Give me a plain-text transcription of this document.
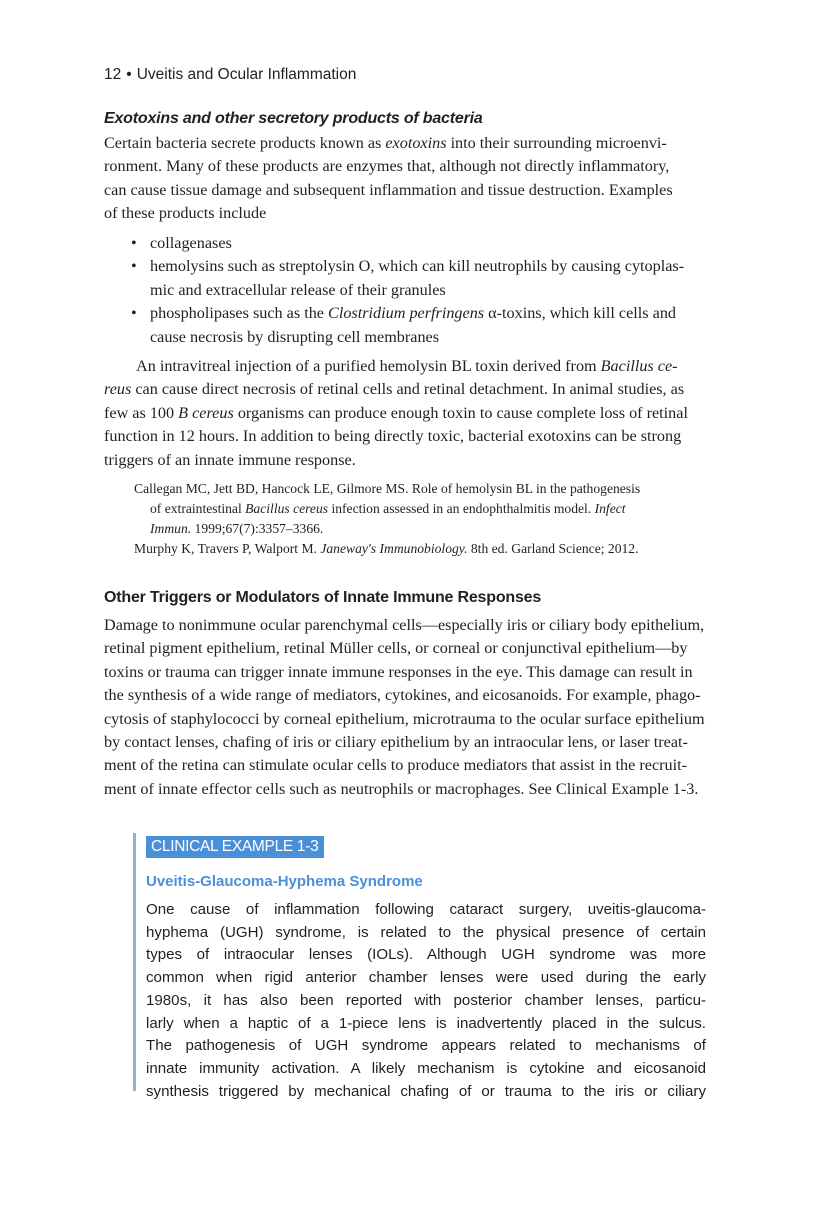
12 • Uveitis and Ocular Inflammation
Exotoxins and other secretory products of bacteria
Certain bacteria secrete products known as exotoxins into their surrounding microenvi-
ronment. Many of these products are enzymes that, although not directly inflammatory,
can cause tissue damage and subsequent inflammation and tissue destruction. Examples
of these products include
• collagenases
• hemolysins such as streptolysin O, which can kill neutrophils by causing cytoplas-
mic and extracellular release of their granules
• phospholipases such as the Clostridium perfringens α-toxins, which kill cells and
cause necrosis by disrupting cell membranes
An intravitreal injection of a purified hemolysin BL toxin derived from Bacillus ce-
reus can cause direct necrosis of retinal cells and retinal detachment. In animal studies, as
few as 100 B cereus organisms can produce enough toxin to cause complete loss of retinal
function in 12 hours. In addition to being directly toxic, bacterial exotoxins can be strong
triggers of an innate immune response.
Callegan MC, Jett BD, Hancock LE, Gilmore MS. Role of hemolysin BL in the pathogenesis
of extraintestinal Bacillus cereus infection assessed in an endophthalmitis model. Infect
Immun. 1999;67(7):3357–3366.
Murphy K, Travers P, Walport M. Janeway's Immunobiology. 8th ed. Garland Science; 2012.
Other Triggers or Modulators of Innate Immune Responses
Damage to nonimmune ocular parenchymal cells—especially iris or ciliary body epithelium,
retinal pigment epithelium, retinal Müller cells, or corneal or conjunctival epithelium—by
toxins or trauma can trigger innate immune responses in the eye. This damage can result in
the synthesis of a wide range of mediators, cytokines, and eicosanoids. For example, phago-
cytosis of staphylococci by corneal epithelium, microtrauma to the ocular surface epithelium
by contact lenses, chafing of iris or ciliary epithelium by an intraocular lens, or laser treat-
ment of the retina can stimulate ocular cells to produce mediators that assist in the recruit-
ment of innate effector cells such as neutrophils or macrophages. See Clinical Example 1-3.
CLINICAL EXAMPLE 1-3
Uveitis-Glaucoma-Hyphema Syndrome
One cause of inflammation following cataract surgery, uveitis-glaucoma-
hyphema (UGH) syndrome, is related to the physical presence of certain
types of intraocular lenses (IOLs). Although UGH syndrome was more
common when rigid anterior chamber lenses were used during the early
1980s, it has also been reported with posterior chamber lenses, particu-
larly when a haptic of a 1-piece lens is inadvertently placed in the sulcus.
The pathogenesis of UGH syndrome appears related to mechanisms of
innate immunity activation. A likely mechanism is cytokine and eicosanoid
synthesis triggered by mechanical chafing of or trauma to the iris or ciliary
